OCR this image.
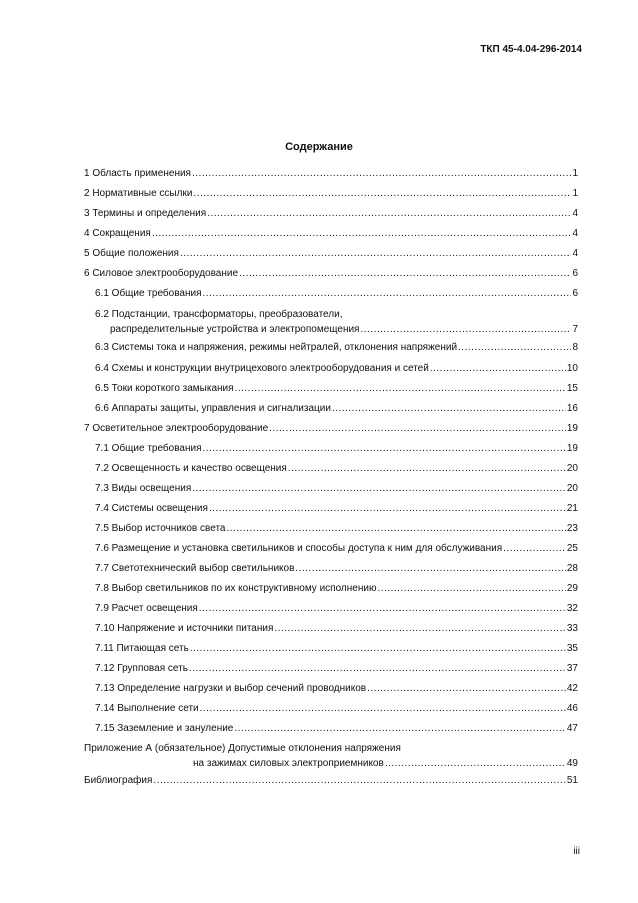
ТКП 45-4.04-296-2014
Содержание
1 Область применения .....	1
2 Нормативные ссылки .....	1
3 Термины и определения .....	4
4 Сокращения .....	4
5 Общие положения .....	4
6 Силовое электрооборудование .....	6
6.1 Общие требования .....	6
6.2 Подстанции, трансформаторы, преобразователи,
распределительные устройства и электропомещения .....	7
6.3 Системы тока и напряжения, режимы нейтралей, отклонения напряжений .....	8
6.4 Схемы и конструкции внутрицехового электрооборудования и сетей .....	10
6.5 Токи короткого замыкания .....	15
6.6 Аппараты защиты, управления и сигнализации .....	16
7 Осветительное электрооборудование .....	19
7.1 Общие требования .....	19
7.2 Освещенность и качество освещения .....	20
7.3 Виды освещения .....	20
7.4 Системы освещения .....	21
7.5 Выбор источников света .....	23
7.6 Размещение и установка светильников и способы доступа к ним для обслуживания .....	25
7.7 Светотехнический выбор светильников .....	28
7.8 Выбор светильников по их конструктивному исполнению .....	29
7.9 Расчет освещения .....	32
7.10 Напряжение и источники питания .....	33
7.11 Питающая сеть .....	35
7.12 Групповая сеть .....	37
7.13 Определение нагрузки и выбор сечений проводников .....	42
7.14 Выполнение сети .....	46
7.15 Заземление и зануление .....	47
Приложение А (обязательное) Допустимые отклонения напряжения
на зажимах силовых электроприемников .....	49
Библиография .....	51
iii
